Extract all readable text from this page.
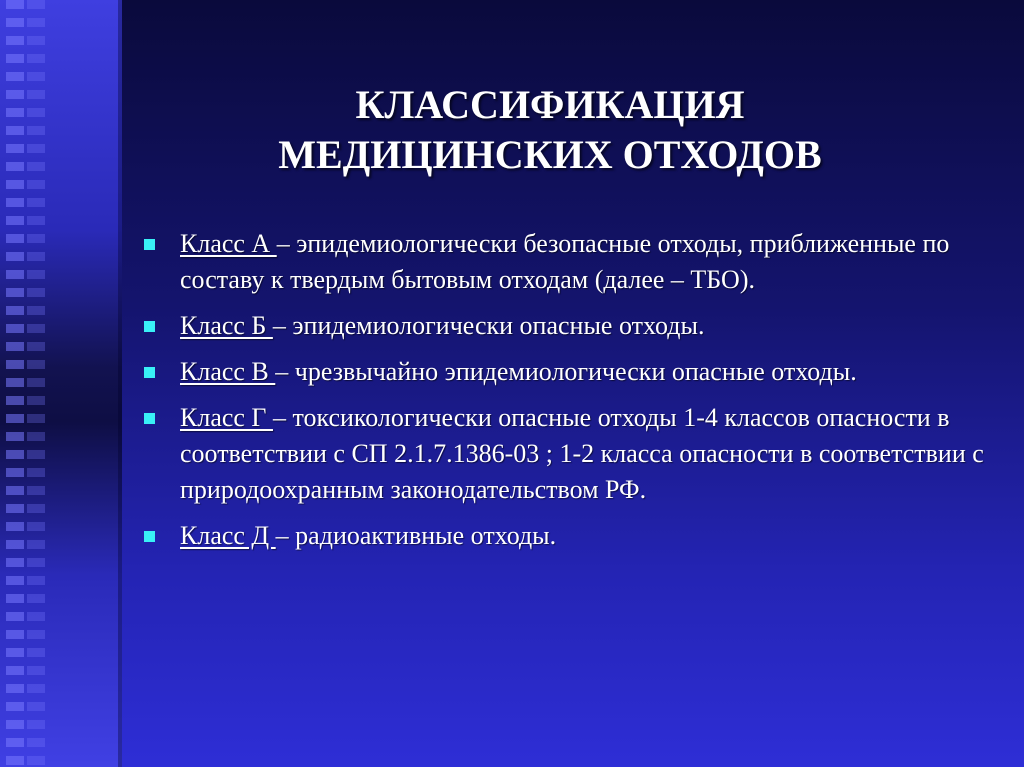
КЛАССИФИКАЦИЯ
МЕДИЦИНСКИХ ОТХОДОВ
Класс А – эпидемиологически безопасные отходы, приближенные по составу к твердым бытовым отходам (далее – ТБО).
Класс Б – эпидемиологически опасные отходы.
Класс В – чрезвычайно эпидемиологически опасные отходы.
Класс Г – токсикологически опасные отходы 1-4 классов опасности в соответствии с СП 2.1.7.1386-03 ; 1-2 класса опасности в соответствии с природоохранным законодательством РФ.
Класс Д – радиоактивные отходы.
